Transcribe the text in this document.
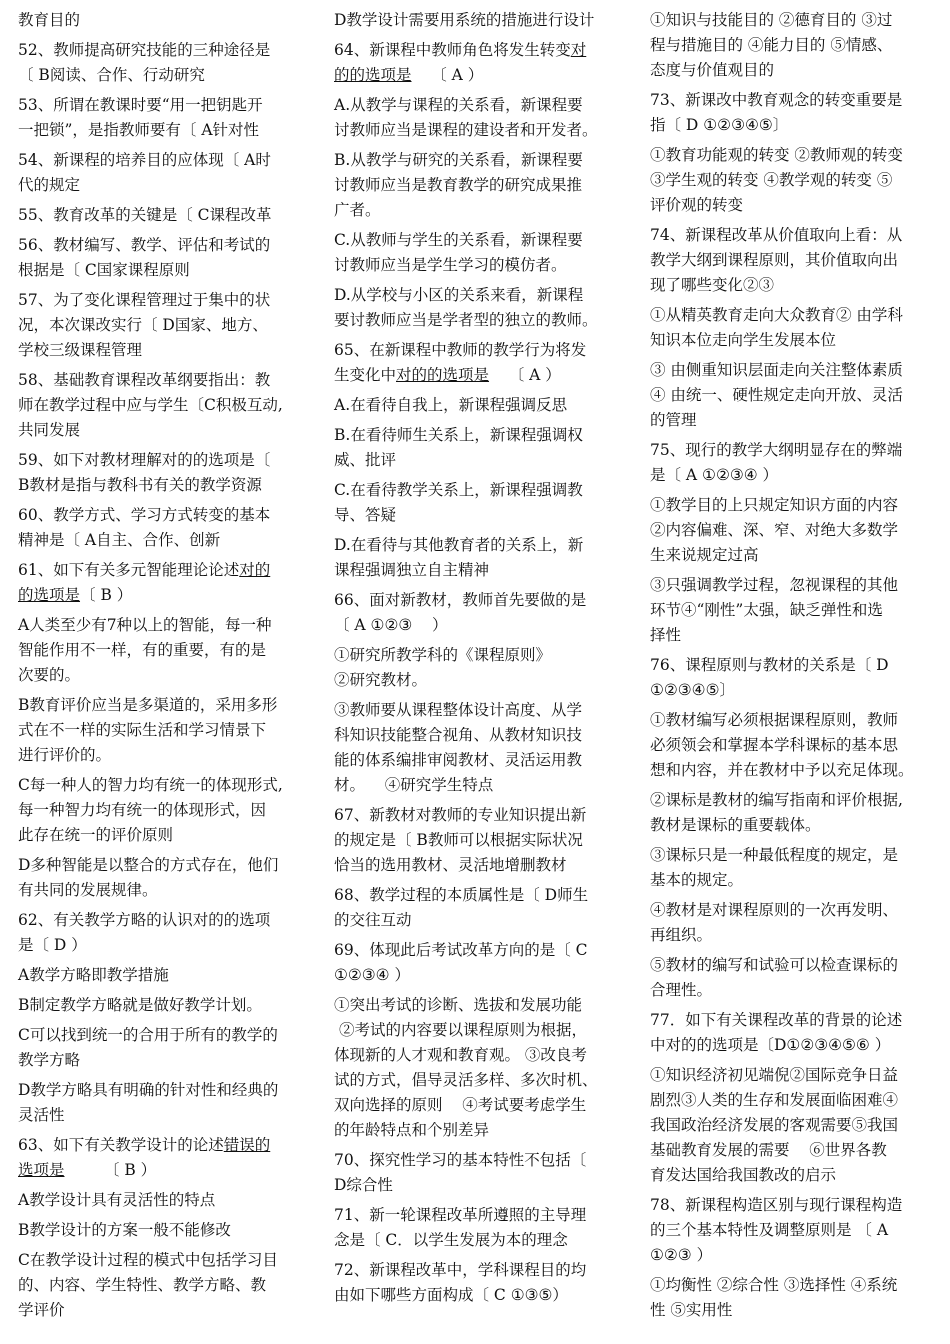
教育目的
52、教师提高研究技能的三种途径是
〔 B阅读、合作、行动研究
53、所谓在教课时要“用一把钥匙开
一把锁”，是指教师要有〔 A针对性
54、新课程的培养目的应体现〔 A时
代的规定
55、教育改革的关键是〔 C课程改革
56、教材编写、教学、评估和考试的
根据是〔 C国家课程原则
57、为了变化课程管理过于集中的状
况，本次课改实行〔 D国家、地方、
学校三级课程管理
58、基础教育课程改革纲要指出：教
师在教学过程中应与学生〔C积极互动,
共同发展
59、如下对教材理解对的的选项是〔
B教材是指与教科书有关的教学资源
60、教学方式、学习方式转变的基本
精神是〔 A自主、合作、创新
61、如下有关多元智能理论论述对的
的选项是〔 B ）
A人类至少有7种以上的智能，每一种
智能作用不一样，有的重要，有的是
次要的。
B教育评价应当是多渠道的，采用多形
式在不一样的实际生活和学习情景下
进行评价的。
C每一种人的智力均有统一的体现形式,
每一种智力均有统一的体现形式，因
此存在统一的评价原则
D多种智能是以整合的方式存在，他们
有共同的发展规律。
62、有关教学方略的认识对的的选项
是〔 D ）
A教学方略即教学措施
B制定教学方略就是做好教学计划。
C可以找到统一的合用于所有的教学的
教学方略
D教学方略具有明确的针对性和经典的
灵活性
63、如下有关教学设计的论述错误的
选项是        〔 B ）
A教学设计具有灵活性的特点
B教学设计的方案一般不能修改
C在教学设计过程的模式中包括学习目
的、内容、学生特性、教学方略、教
学评价
D教学设计需要用系统的措施进行设计
64、新课程中教师角色将发生转变对
的的选项是    〔 A ）
A.从教学与课程的关系看，新课程要
讨教师应当是课程的建设者和开发者。
B.从教学与研究的关系看，新课程要
讨教师应当是教育教学的研究成果推
广者。
C.从教师与学生的关系看，新课程要
讨教师应当是学生学习的模仿者。
D.从学校与小区的关系来看，新课程
要讨教师应当是学者型的独立的教师。
65、在新课程中教师的教学行为将发
生变化中对的的选项是    〔 A ）
A.在看待自我上，新课程强调反思
B.在看待师生关系上，新课程强调权
威、批评
C.在看待教学关系上，新课程强调教
导、答疑
D.在看待与其他教育者的关系上，新
课程强调独立自主精神
66、面对新教材，教师首先要做的是
〔 A ①②③    ）
①研究所教学科的《课程原则》
②研究教材。
③教师要从课程整体设计高度、从学
科知识技能整合视角、从教材知识技
能的体系编排审阅教材、灵活运用教
材。    ④研究学生特点
67、新教材对教师的专业知识提出新
的规定是〔 B教师可以根据实际状况
恰当的选用教材、灵活地增删教材
68、教学过程的本质属性是〔 D师生
的交往互动
69、体现此后考试改革方向的是〔 C
①②③④ ）
①突出考试的诊断、选拔和发展功能
②考试的内容要以课程原则为根据，
体现新的人才观和教育观。 ③改良考
试的方式，倡导灵活多样、多次时机、
双向选择的原则    ④考试要考虑学生
的年龄特点和个别差异
70、探究性学习的基本特性不包括〔
D综合性
71、新一轮课程改革所遵照的主导理
念是〔 C．以学生发展为本的理念
72、新课程改革中，学科课程目的均
由如下哪些方面构成〔 C ①③⑤）
①知识与技能目的 ②德育目的 ③过
程与措施目的 ④能力目的 ⑤情感、
态度与价值观目的
73、新课改中教育观念的转变重要是
指〔 D ①②③④⑤〕
①教育功能观的转变 ②教师观的转变
③学生观的转变 ④教学观的转变 ⑤
评价观的转变
74、新课程改革从价值取向上看：从
教学大纲到课程原则，其价值取向出
现了哪些变化②③
①从精英教育走向大众教育② 由学科
知识本位走向学生发展本位
③ 由侧重知识层面走向关注整体素质
④ 由统一、硬性规定走向开放、灵活
的管理
75、现行的教学大纲明显存在的弊端
是〔 A ①②③④ ）
①教学目的上只规定知识方面的内容
②内容偏难、深、窄、对绝大多数学
生来说规定过高
③只强调教学过程，忽视课程的其他
环节④“刚性”太强，缺乏弹性和选
择性
76、课程原则与教材的关系是〔 D
①②③④⑤〕
①教材编写必须根据课程原则，教师
必须领会和掌握本学科课标的基本思
想和内容，并在教材中予以充足体现。
②课标是教材的编写指南和评价根据,
教材是课标的重要载体。
③课标只是一种最低程度的规定，是
基本的规定。
④教材是对课程原则的一次再发明、
再组织。
⑤教材的编写和试验可以检查课标的
合理性。
77．如下有关课程改革的背景的论述
中对的的选项是〔D①②③④⑤⑥ ）
①知识经济初见端倪②国际竞争日益
剧烈③人类的生存和发展面临困难④
我国政治经济发展的客观需要⑤我国
基础教育发展的需要    ⑥世界各教
育发达国给我国教改的启示
78、新课程构造区别与现行课程构造
的三个基本特性及调整原则是 〔 A
①②③ ）
①均衡性 ②综合性 ③选择性 ④系统
性 ⑤实用性
